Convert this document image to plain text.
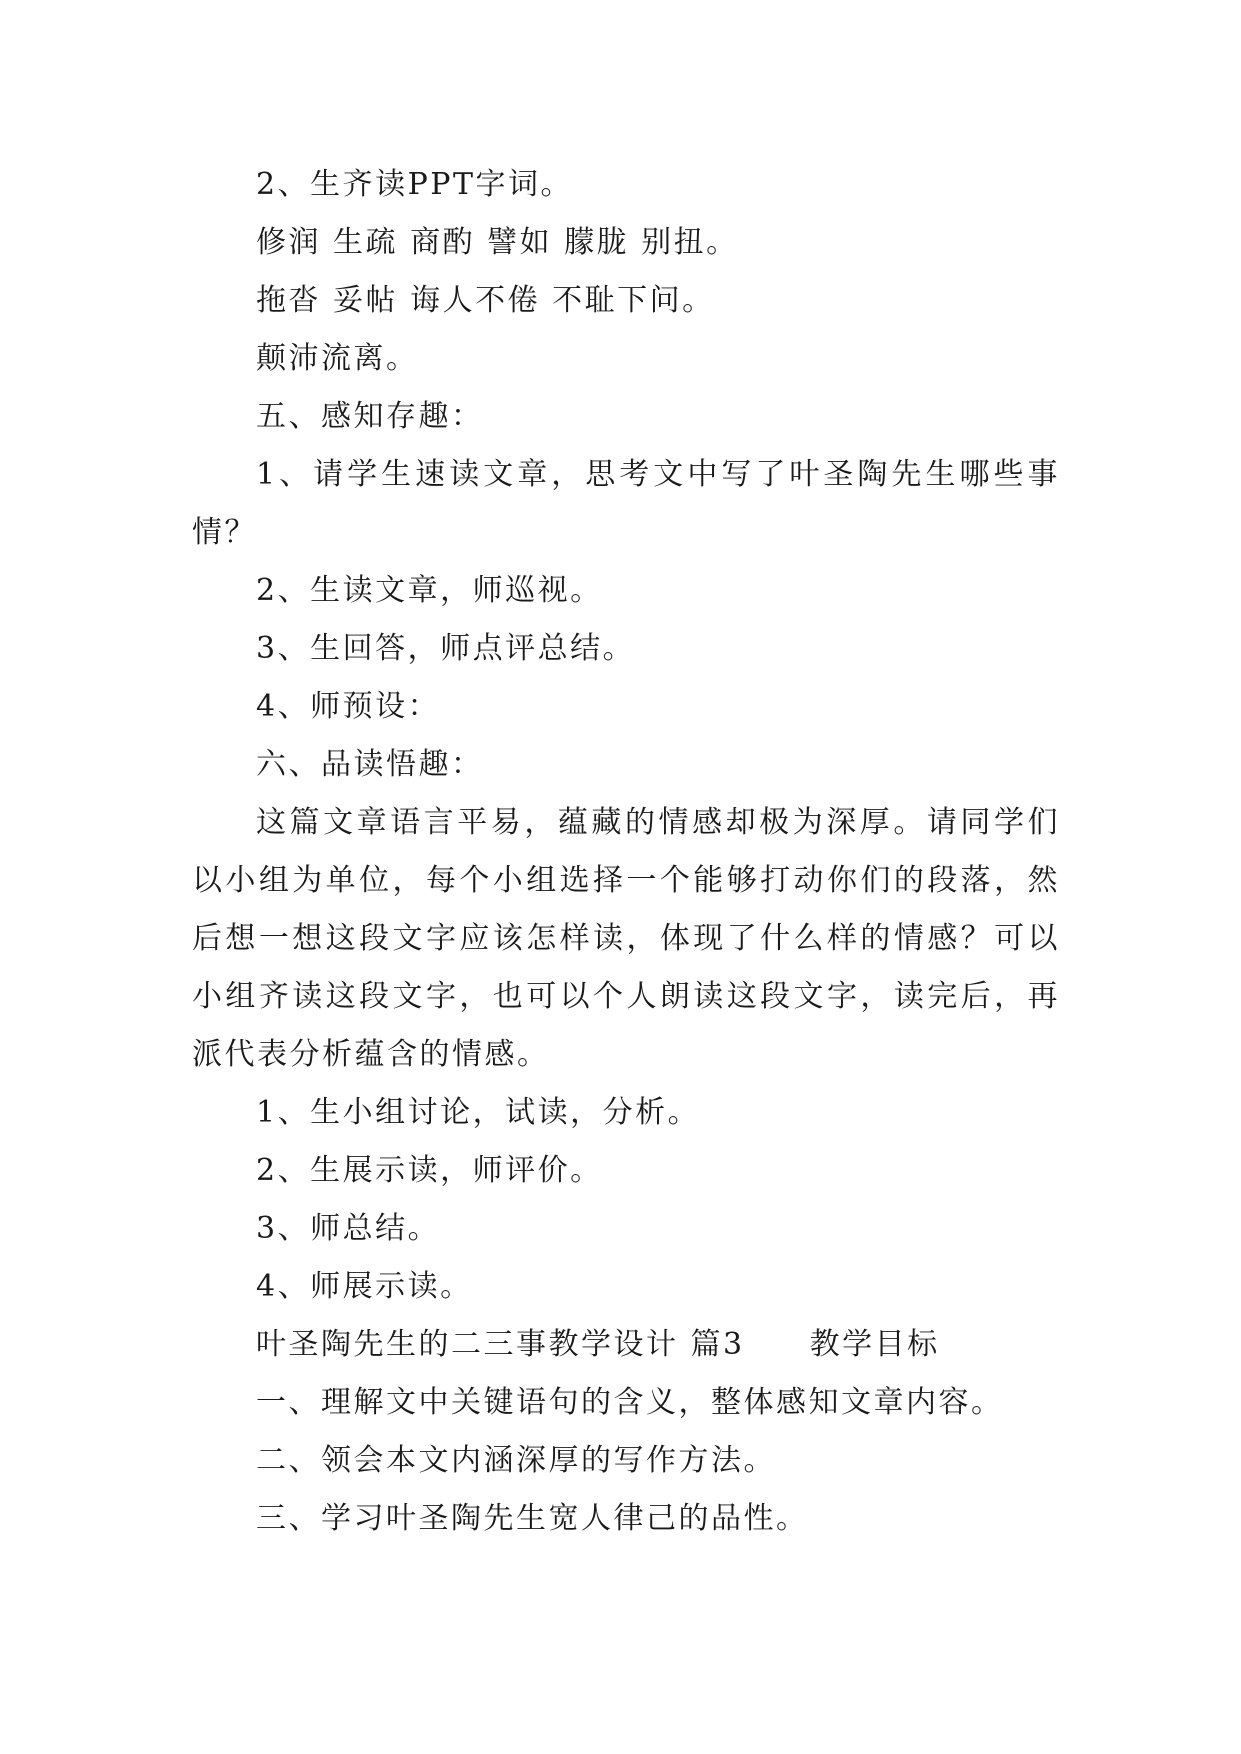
2、生齐读PPT字词。

修润 生疏 商酌 譬如 朦胧 别扭。

拖沓 妥帖 诲人不倦 不耻下问。

颠沛流离。

五、感知存趣：

1、请学生速读文章，思考文中写了叶圣陶先生哪些事情？

2、生读文章，师巡视。

3、生回答，师点评总结。

4、师预设：

六、品读悟趣：

这篇文章语言平易，蕴藏的情感却极为深厚。请同学们以小组为单位，每个小组选择一个能够打动你们的段落，然后想一想这段文字应该怎样读，体现了什么样的情感？可以小组齐读这段文字，也可以个人朗读这段文字，读完后，再派代表分析蕴含的情感。

1、生小组讨论，试读，分析。

2、生展示读，师评价。

3、师总结。

4、师展示读。

叶圣陶先生的二三事教学设计 篇3　　教学目标

一、理解文中关键语句的含义，整体感知文章内容。

二、领会本文内涵深厚的写作方法。

三、学习叶圣陶先生宽人律己的品性。
